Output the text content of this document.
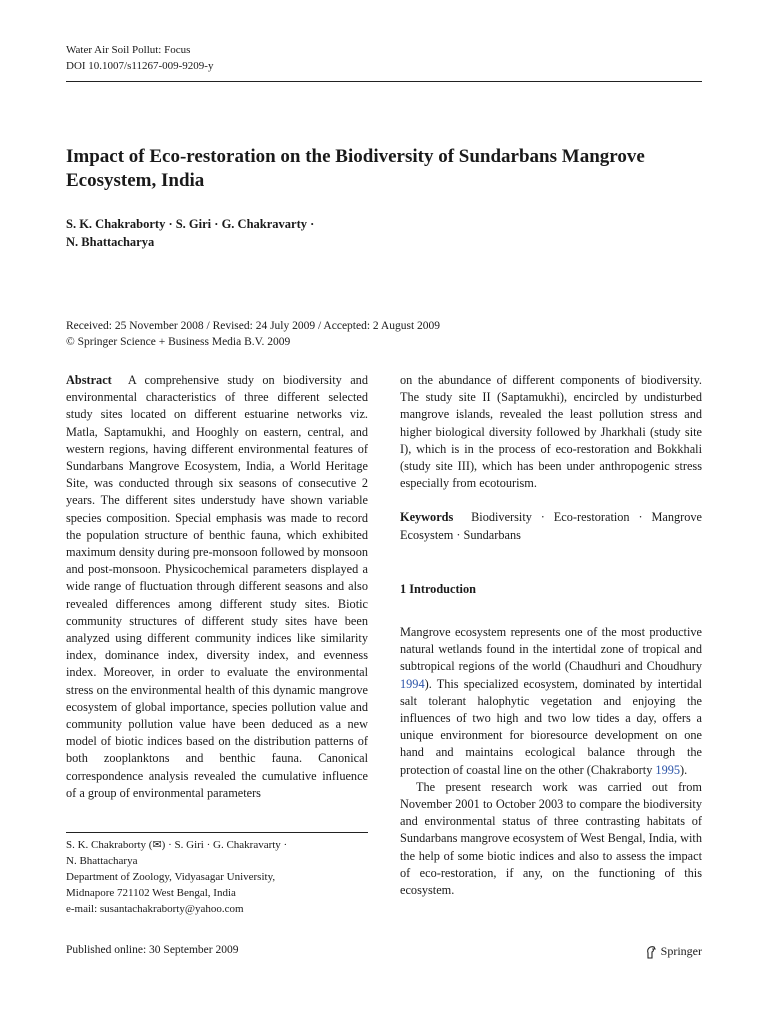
Water Air Soil Pollut: Focus
DOI 10.1007/s11267-009-9209-y
Impact of Eco-restoration on the Biodiversity of Sundarbans Mangrove Ecosystem, India
S. K. Chakraborty · S. Giri · G. Chakravarty ·
N. Bhattacharya
Received: 25 November 2008 / Revised: 24 July 2009 / Accepted: 2 August 2009
© Springer Science + Business Media B.V. 2009

Abstract A comprehensive study on biodiversity and environmental characteristics of three different selected study sites located on different estuarine networks viz. Matla, Saptamukhi, and Hooghly on eastern, central, and western regions, having different environmental features of Sundarbans Mangrove Ecosystem, India, a World Heritage Site, was conducted through six seasons of consecutive 2 years. The different sites understudy have shown variable species composition. Special emphasis was made to record the population structure of benthic fauna, which exhibited maximum density during pre-monsoon followed by monsoon and post-monsoon. Physicochemical parameters displayed a wide range of fluctuation through different seasons and also revealed differences among different study sites. Biotic community structures of different study sites have been analyzed using different community indices like similarity index, dominance index, diversity index, and evenness index. Moreover, in order to evaluate the environmental stress on the environmental health of this dynamic mangrove ecosystem of global importance, species pollution value and community pollution value have been deduced as a new model of biotic indices based on the distribution patterns of both zooplanktons and benthic fauna. Canonical correspondence analysis revealed the cumulative influence of a group of environmental parameters

on the abundance of different components of biodiversity. The study site II (Saptamukhi), encircled by undisturbed mangrove islands, revealed the least pollution stress and higher biological diversity followed by Jharkhali (study site I), which is in the process of eco-restoration and Bokkhali (study site III), which has been under anthropogenic stress especially from ecotourism.

Keywords Biodiversity · Eco-restoration · Mangrove Ecosystem · Sundarbans

1 Introduction

Mangrove ecosystem represents one of the most productive natural wetlands found in the intertidal zone of tropical and subtropical regions of the world (Chaudhuri and Choudhury 1994). This specialized ecosystem, dominated by intertidal salt tolerant halophytic vegetation and enjoying the influences of two high and two low tides a day, offers a unique environment for bioresource development on one hand and maintains ecological balance through the protection of coastal line on the other (Chakraborty 1995).

The present research work was carried out from November 2001 to October 2003 to compare the biodiversity and environmental status of three contrasting habitats of Sundarbans mangrove ecosystem of West Bengal, India, with the help of some biotic indices and also to assess the impact of eco-restoration, if any, on the functioning of this ecosystem.

S. K. Chakraborty (✉) · S. Giri · G. Chakravarty ·
N. Bhattacharya
Department of Zoology, Vidyasagar University,
Midnapore 721102 West Bengal, India
e-mail: susantachakraborty@yahoo.com
Published online: 30 September 2009	Springer
